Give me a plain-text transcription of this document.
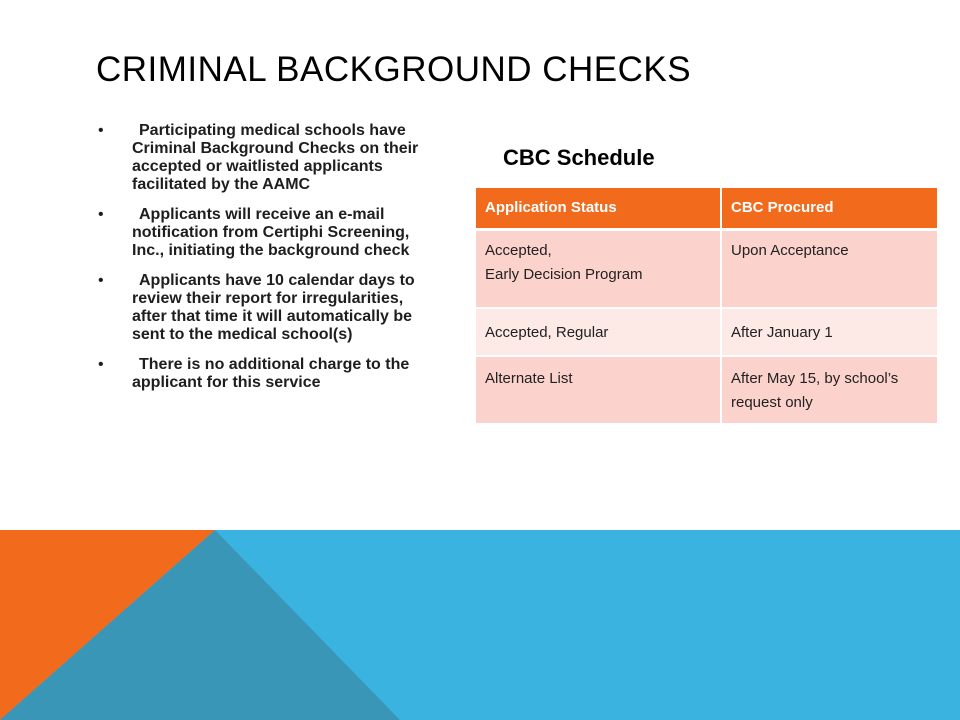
CRIMINAL BACKGROUND CHECKS
•	Participating medical schools have Criminal Background Checks on their accepted or waitlisted applicants facilitated by the AAMC
•	Applicants will receive an e-mail notification from Certiphi Screening, Inc., initiating the background check
•	Applicants have 10 calendar days to review their report for irregularities, after that time it will automatically be sent to the medical school(s)
•	There is no additional charge to the applicant for this service
CBC Schedule
Application Status	CBC Procured

Accepted,
Early Decision Program	Upon Acceptance
Accepted, Regular	After January 1
Alternate List	After May 15, by school’s request only
